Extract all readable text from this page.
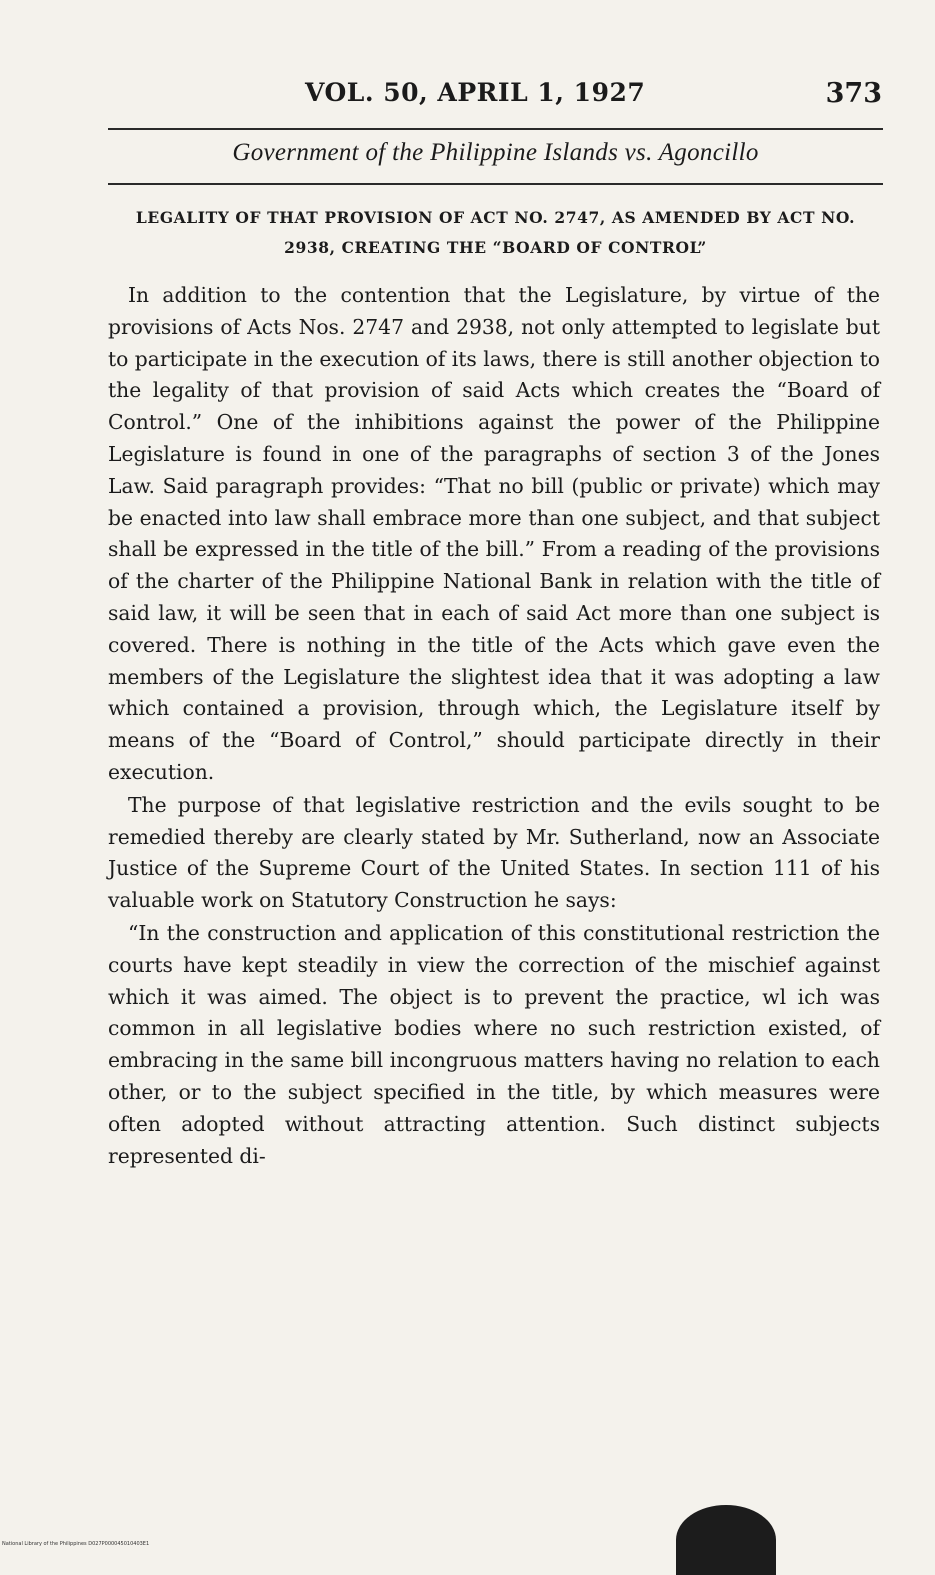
VOL. 50, APRIL 1, 1927	373
Government of the Philippine Islands vs. Agoncillo
LEGALITY OF THAT PROVISION OF ACT NO. 2747, AS AMENDED BY ACT NO. 2938, CREATING THE “BOARD OF CONTROL”

In addition to the contention that the Legislature, by virtue of the provisions of Acts Nos. 2747 and 2938, not only attempted to legislate but to participate in the execution of its laws, there is still another objection to the legality of that provision of said Acts which creates the “Board of Control.” One of the inhibitions against the power of the Philippine Legislature is found in one of the paragraphs of section 3 of the Jones Law. Said paragraph provides: “That no bill (public or private) which may be enacted into law shall embrace more than one subject, and that subject shall be expressed in the title of the bill.” From a reading of the provisions of the charter of the Philippine National Bank in relation with the title of said law, it will be seen that in each of said Act more than one subject is covered. There is nothing in the title of the Acts which gave even the members of the Legislature the slightest idea that it was adopting a law which contained a provision, through which, the Legislature itself by means of the “Board of Control,” should participate directly in their execution.

The purpose of that legislative restriction and the evils sought to be remedied thereby are clearly stated by Mr. Sutherland, now an Associate Justice of the Supreme Court of the United States. In section 111 of his valuable work on Statutory Construction he says:

“In the construction and application of this constitutional restriction the courts have kept steadily in view the correction of the mischief against which it was aimed. The object is to prevent the practice, wl ich was common in all legislative bodies where no such restriction existed, of embracing in the same bill incongruous matters having no relation to each other, or to the subject specified in the title, by which measures were often adopted without attracting attention. Such distinct subjects represented di-

National Library of the Philippines D027P000045010403E1
